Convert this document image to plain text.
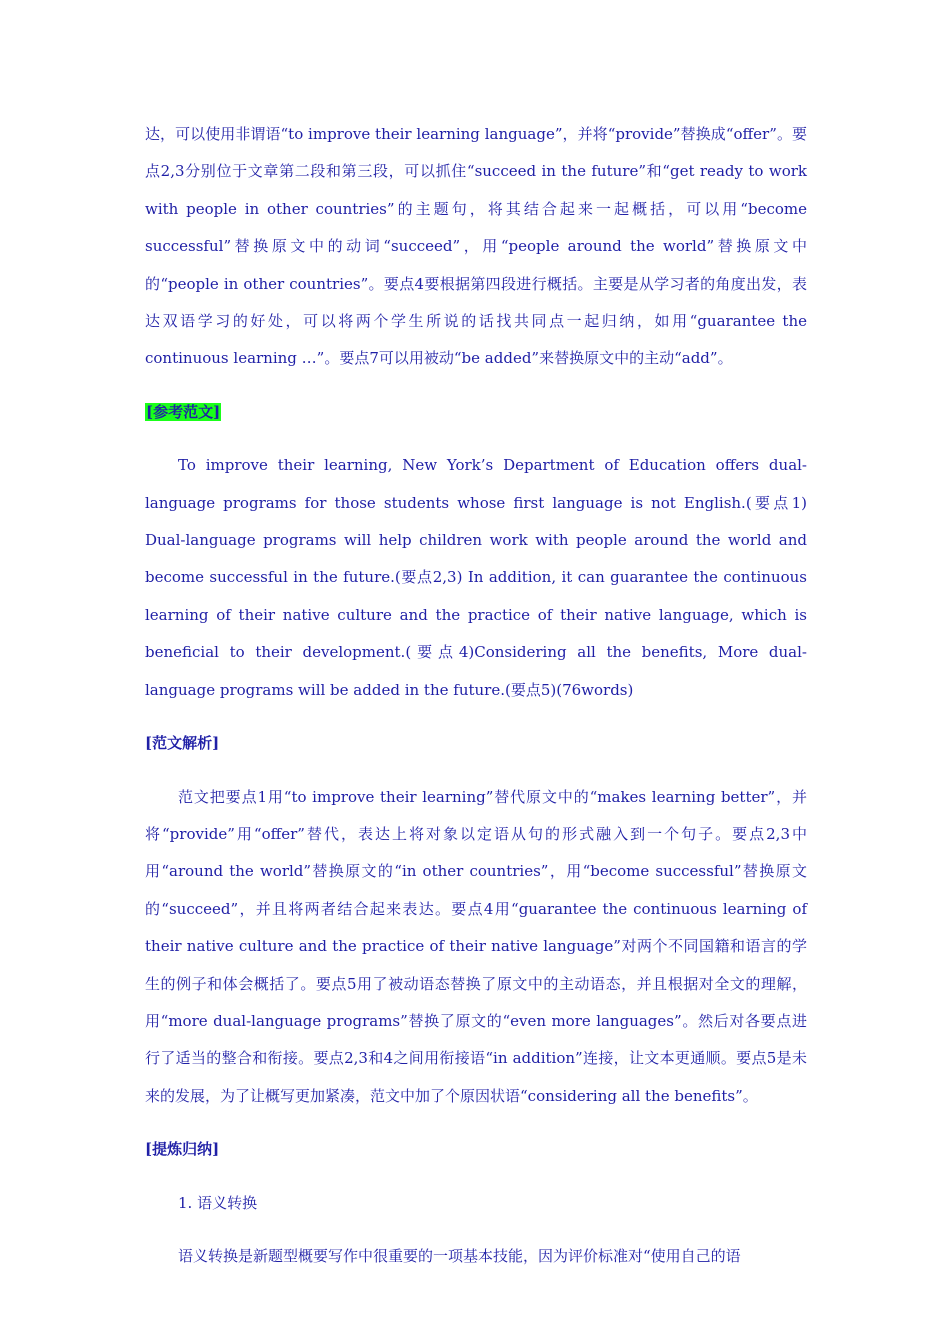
达，可以使用非谓语“to improve their learning language”，并将“provide”替换成“offer”。要点2,3分别位于文章第二段和第三段，可以抓住“succeed in the future”和“get ready to work with people in other countries”的主题句，将其结合起来一起概括，可以用“become successful”替换原文中的动词“succeed”，用“people around the world”替换原文中的“people in other countries”。要点4要根据第四段进行概括。主要是从学习者的角度出发，表达双语学习的好处，可以将两个学生所说的话找共同点一起归纳，如用“guarantee the continuous learning …”。要点7可以用被动“be added”来替换原文中的主动“add”。

[参考范文]

To improve their learning, New York’s Department of Education offers dual-language programs for those students whose first language is not English.(要点1) Dual-language programs will help children work with people around the world and become successful in the future.(要点2,3) In addition, it can guarantee the continuous learning of their native culture and the practice of their native language, which is beneficial to their development.(要点4)Considering all the benefits, More dual-language programs will be added in the future.(要点5)(76words)

[范文解析]

范文把要点1用“to improve their learning”替代原文中的“makes learning better”，并将“provide”用“offer”替代，表达上将对象以定语从句的形式融入到一个句子。要点2,3中用“around the world”替换原文的“in other countries”，用“become successful”替换原文的“succeed”，并且将两者结合起来表达。要点4用“guarantee the continuous learning of their native culture and the practice of their native language”对两个不同国籍和语言的学生的例子和体会概括了。要点5用了被动语态替换了原文中的主动语态，并且根据对全文的理解，用“more dual-language programs”替换了原文的“even more languages”。然后对各要点进行了适当的整合和衔接。要点2,3和4之间用衔接语“in addition”连接，让文本更通顺。要点5是未来的发展，为了让概写更加紧凑，范文中加了个原因状语“considering all the benefits”。

[提炼归纳]

1. 语义转换

语义转换是新题型概要写作中很重要的一项基本技能，因为评价标准对“使用自己的语
